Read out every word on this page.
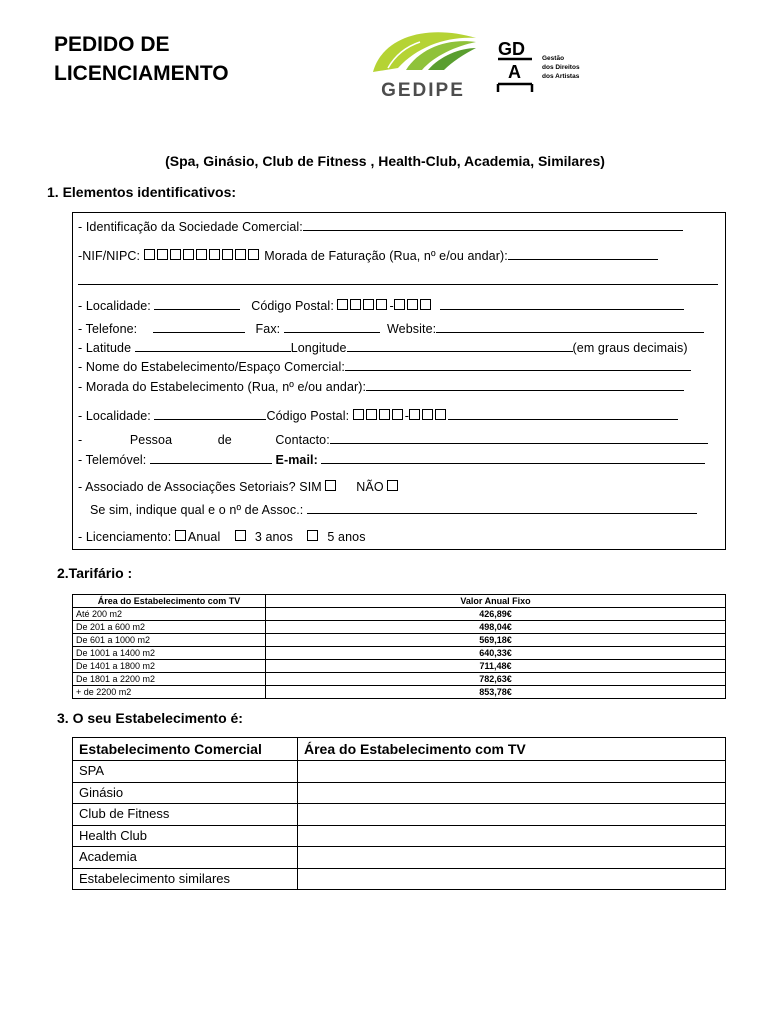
PEDIDO DE
LICENCIAMENTO
GEDIPE
GD
A
Gestão
dos Direitos
dos Artistas
(Spa, Ginásio, Club de Fitness , Health-Club, Academia, Similares)
1. Elementos identificativos:
- Identificação da Sociedade Comercial:
-NIF/NIPC:	Morada de Faturação (Rua, nº e/ou andar):
- Localidade:	Código Postal:	-
- Telefone:	Fax:	Website:
- Latitude	Longitude	(em graus decimais)
- Nome do Estabelecimento/Espaço Comercial:
- Morada do Estabelecimento (Rua, nº e/ou andar):
- Localidade:	Código Postal:	-
-	Pessoa	de	Contacto:
- Telemóvel:	E-mail:
- Associado de Associações Setoriais? SIM	NÃO
Se sim, indique qual e o nº de Assoc.:
- Licenciamento: Anual	3 anos	5 anos
2.Tarifário :
Área do Estabelecimento com TV	Valor Anual Fixo
Até 200 m2	426,89€
De 201 a 600 m2	498,04€
De 601 a 1000 m2	569,18€
De 1001 a 1400 m2	640,33€
De 1401 a 1800 m2	711,48€
De 1801 a 2200 m2	782,63€
+ de 2200 m2	853,78€
3. O seu Estabelecimento é:
Estabelecimento Comercial	Área do Estabelecimento com TV
SPA	
Ginásio	
Club de Fitness	
Health Club	
Academia	
Estabelecimento similares	
